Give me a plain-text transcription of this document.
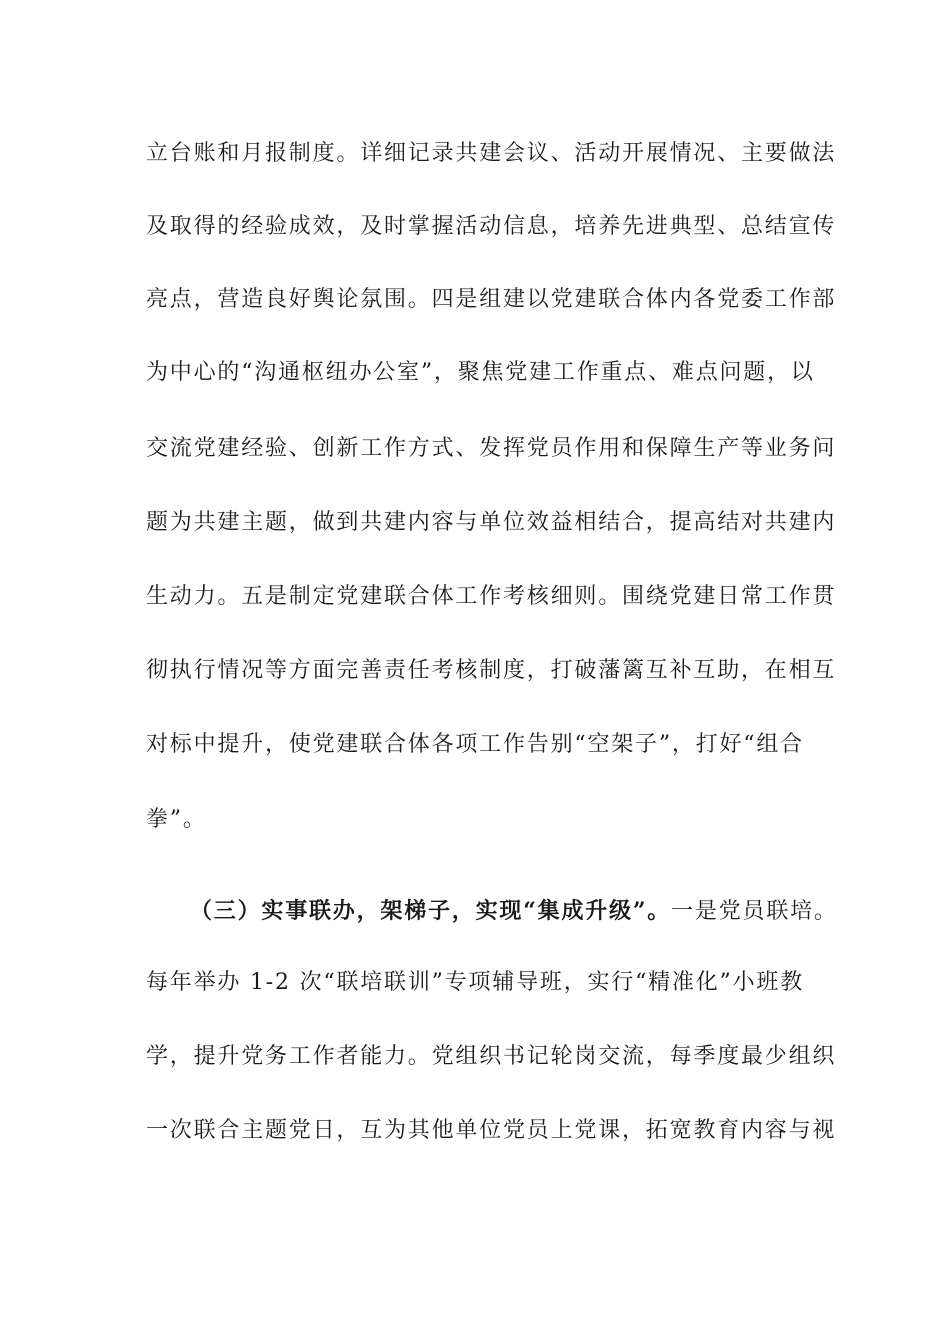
立台账和月报制度。详细记录共建会议、活动开展情况、主要做法
及取得的经验成效，及时掌握活动信息，培养先进典型、总结宣传
亮点，营造良好舆论氛围。四是组建以党建联合体内各党委工作部
为中心的“沟通枢纽办公室”，聚焦党建工作重点、难点问题，以
交流党建经验、创新工作方式、发挥党员作用和保障生产等业务问
题为共建主题，做到共建内容与单位效益相结合，提高结对共建内
生动力。五是制定党建联合体工作考核细则。围绕党建日常工作贯
彻执行情况等方面完善责任考核制度，打破藩篱互补互助，在相互
对标中提升，使党建联合体各项工作告别“空架子”，打好“组合
拳”。
（三）实事联办，架梯子，实现“集成升级”。一是党员联培。
每年举办 1-2 次“联培联训”专项辅导班，实行“精准化”小班教
学，提升党务工作者能力。党组织书记轮岗交流，每季度最少组织
一次联合主题党日，互为其他单位党员上党课，拓宽教育内容与视
